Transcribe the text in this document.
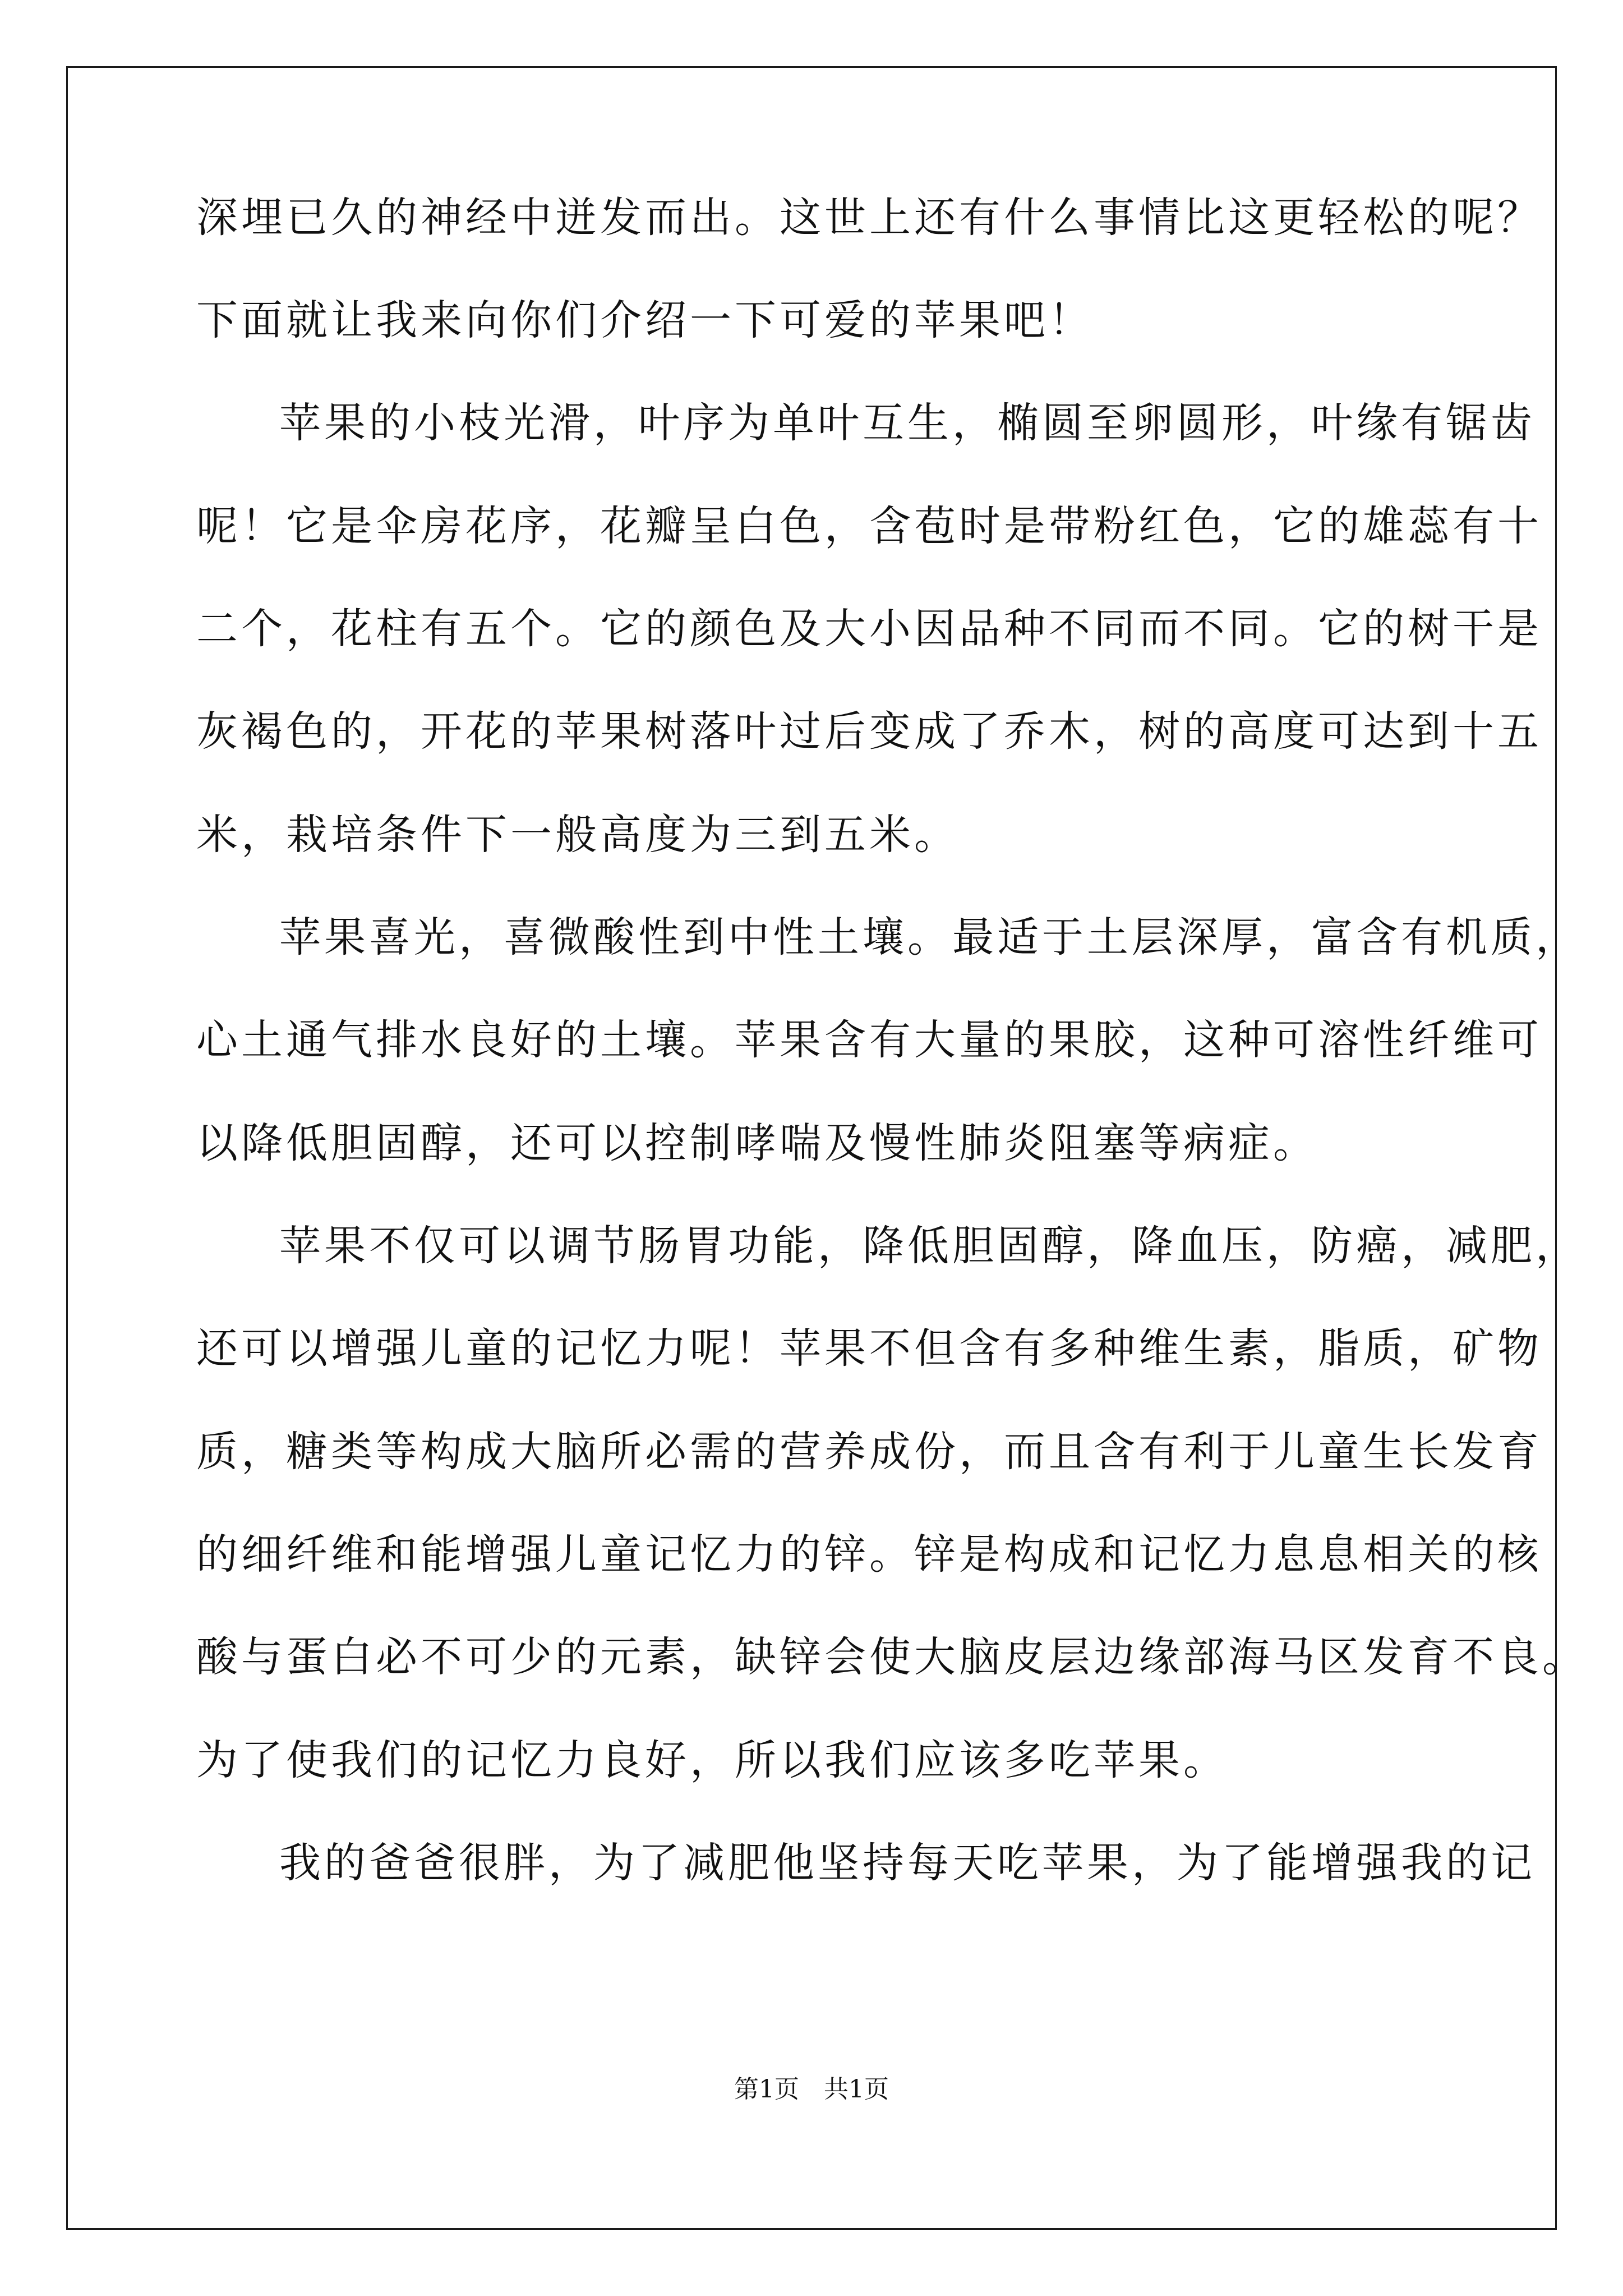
深埋已久的神经中迸发而出。这世上还有什么事情比这更轻松的呢？
下面就让我来向你们介绍一下可爱的苹果吧！
苹果的小枝光滑，叶序为单叶互生，椭圆至卵圆形，叶缘有锯齿
呢！它是伞房花序，花瓣呈白色，含苞时是带粉红色，它的雄蕊有十
二个，花柱有五个。它的颜色及大小因品种不同而不同。它的树干是
灰褐色的，开花的苹果树落叶过后变成了乔木，树的高度可达到十五
米，栽培条件下一般高度为三到五米。
苹果喜光，喜微酸性到中性土壤。最适于土层深厚，富含有机质，
心土通气排水良好的土壤。苹果含有大量的果胶，这种可溶性纤维可
以降低胆固醇，还可以控制哮喘及慢性肺炎阻塞等病症。
苹果不仅可以调节肠胃功能，降低胆固醇，降血压，防癌，减肥，
还可以增强儿童的记忆力呢！苹果不但含有多种维生素，脂质，矿物
质，糖类等构成大脑所必需的营养成份，而且含有利于儿童生长发育
的细纤维和能增强儿童记忆力的锌。锌是构成和记忆力息息相关的核
酸与蛋白必不可少的元素，缺锌会使大脑皮层边缘部海马区发育不良。
为了使我们的记忆力良好，所以我们应该多吃苹果。
我的爸爸很胖，为了减肥他坚持每天吃苹果，为了能增强我的记
第1页　共1页
